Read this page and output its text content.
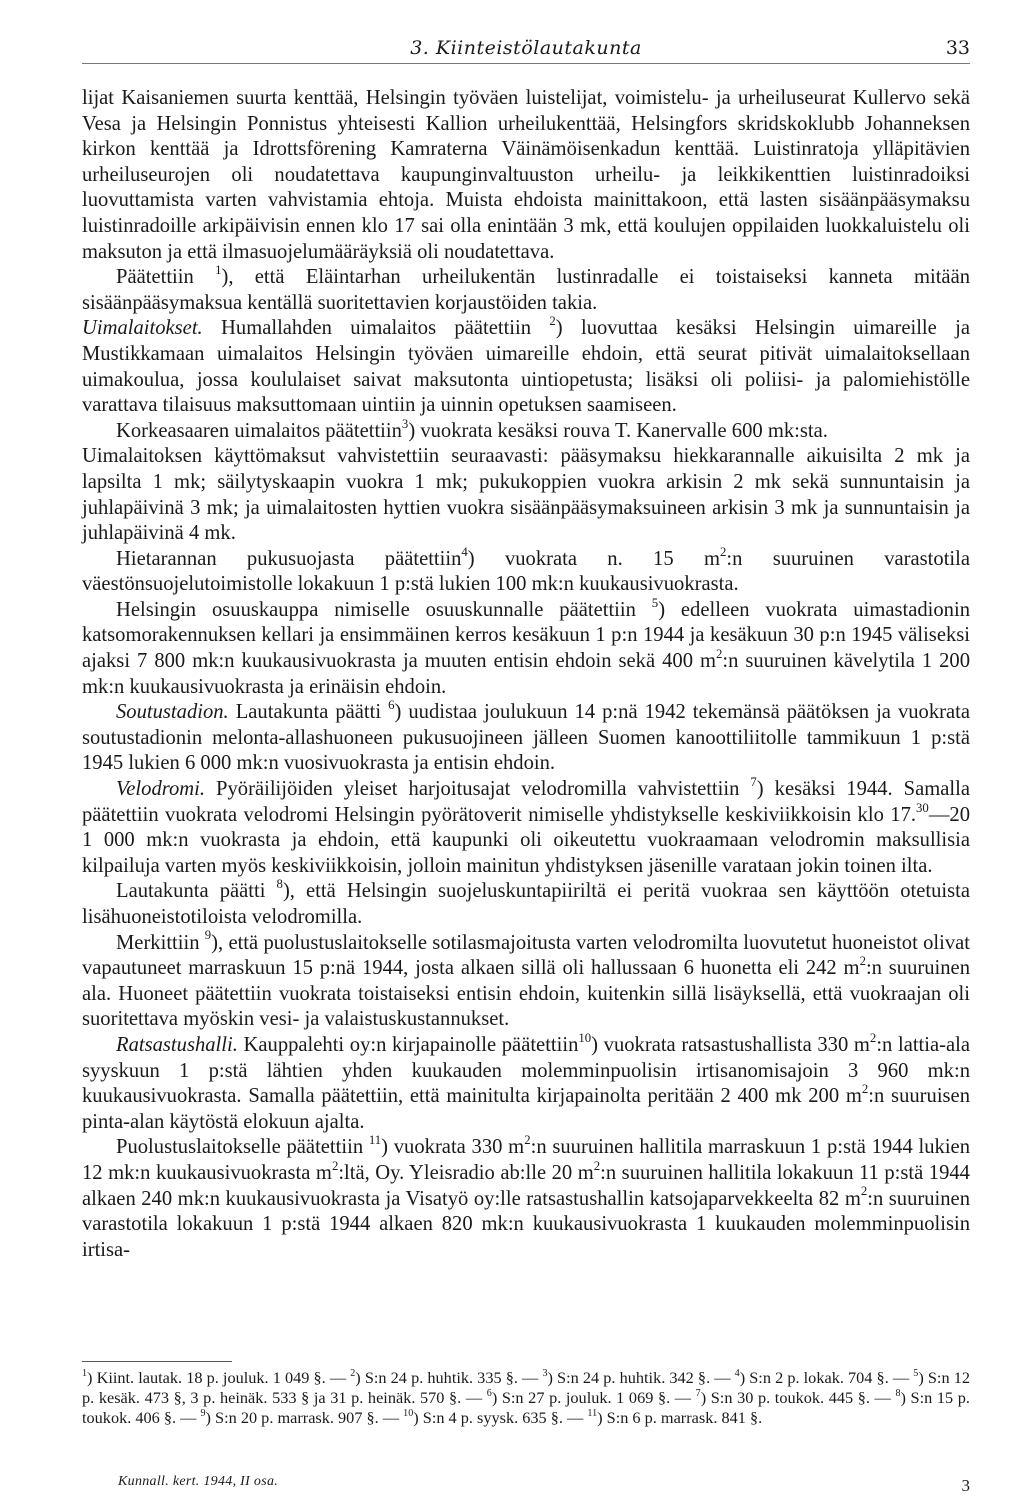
3. Kiinteistölautakunta	33

lijat Kaisaniemen suurta kenttää, Helsingin työväen luistelijat, voimistelu- ja urheiluseurat Kullervo sekä Vesa ja Helsingin Ponnistus yhteisesti Kallion urheilukenttää, Helsingfors skridskoklubb Johanneksen kirkon kenttää ja Idrottsförening Kamraterna Väinämöisenkadun kenttää. Luistinratoja ylläpitävien urheiluseurojen oli noudatettava kaupunginvaltuuston urheilu- ja leikkikenttien luistinradoiksi luovuttamista varten vahvistamia ehtoja. Muista ehdoista mainittakoon, että lasten sisäänpääsymaksu luistinradoille arkipäivisin ennen klo 17 sai olla enintään 3 mk, että koulujen oppilaiden luokkaluistelu oli maksuton ja että ilmasuojelumääräyksiä oli noudatettava.

Päätettiin $^1$), että Eläintarhan urheilukentän lustinradalle ei toistaiseksi kanneta mitään sisäänpääsymaksua kentällä suoritettavien korjaustöiden takia.

Uimalaitokset. Humallahden uimalaitos päätettiin $^2$) luovuttaa kesäksi Helsingin uimareille ja Mustikkamaan uimalaitos Helsingin työväen uimareille ehdoin, että seurat pitivät uimalaitoksellaan uimakoulua, jossa koululaiset saivat maksutonta uintiopetusta; lisäksi oli poliisi- ja palomiehistölle varattava tilaisuus maksuttomaan uintiin ja uinnin opetuksen saamiseen.

Korkeasaaren uimalaitos päätettiin$^3$) vuokrata kesäksi rouva T. Kanervalle 600 mk:sta.

Uimalaitoksen käyttömaksut vahvistettiin seuraavasti: pääsymaksu hiekkarannalle aikuisilta 2 mk ja lapsilta 1 mk; säilytyskaapin vuokra 1 mk; pukukoppien vuokra arkisin 2 mk sekä sunnuntaisin ja juhlapäivinä 3 mk; ja uimalaitosten hyttien vuokra sisäänpääsymaksuineen arkisin 3 mk ja sunnuntaisin ja juhlapäivinä 4 mk.

Hietarannan pukusuojasta päätettiin$^4$) vuokrata n. 15 $m^2:n$ suuruinen varastotila väestönsuojelutoimistolle lokakuun 1 p:stä lukien 100 mk:n kuukausivuokrasta.

Helsingin osuuskauppa nimiselle osuuskunnalle päätettiin $^5$) edelleen vuokrata uimastadionin katsomorakennuksen kellari ja ensimmäinen kerros kesäkuun 1 p:n 1944 ja kesäkuun 30 p:n 1945 väliseksi ajaksi 7 800 mk:n kuukausivuokrasta ja muuten entisin ehdoin sekä 400 $m^2:n$ suuruinen kävelytila 1 200 mk:n kuukausivuokrasta ja erinäisin ehdoin.

Soutustadion. Lautakunta päätti $^6$) uudistaa joulukuun 14 p:nä 1942 tekemänsä päätöksen ja vuokrata soutustadionin melonta-allashuoneen pukusuojineen jälleen Suomen kanoottiliitolle tammikuun 1 p:stä 1945 lukien 6 000 mk:n vuosivuokrasta ja entisin ehdoin.

Velodromi. Pyöräilijöiden yleiset harjoitusajat velodromilla vahvistettiin $^7$) kesäksi 1944. Samalla päätettiin vuokrata velodromi Helsingin pyörätoverit nimiselle yhdistykselle keskiviikkoisin klo 17.30—20 1 000 mk:n vuokrasta ja ehdoin, että kaupunki oli oikeutettu vuokraamaan velodromin maksullisia kilpailuja varten myös keskiviikkoisin, jolloin mainitun yhdistyksen jäsenille varataan jokin toinen ilta.

Lautakunta päätti $^8$), että Helsingin suojeluskuntapiiriltä ei peritä vuokraa sen käyttöön otetuista lisähuoneistotiloista velodromilla.

Merkittiin $^9$), että puolustuslaitokselle sotilasmajoitusta varten velodromilta luovutetut huoneistot olivat vapautuneet marraskuun 15 p:nä 1944, josta alkaen sillä oli hallussaan 6 huonetta eli 242 $m^2:n$ suuruinen ala. Huoneet päätettiin vuokrata toistaiseksi entisin ehdoin, kuitenkin sillä lisäyksellä, että vuokraajan oli suoritettava myöskin vesi- ja valaistuskustannukset.

Ratsastushalli. Kauppalehti oy:n kirjapainolle päätettiin$^{10}$) vuokrata ratsastushallista 330 $m^2:n$ lattia-ala syyskuun 1 p:stä lähtien yhden kuukauden molemminpuolisin irtisanomisajoin 3 960 mk:n kuukausivuokrasta. Samalla päätettiin, että mainitulta kirjapainolta peritään 2 400 mk 200 $m^2:n$ suuruisen pinta-alan käytöstä elokuun ajalta.

Puolustuslaitokselle päätettiin $^{11}$) vuokrata 330 $m^2:n$ suuruinen hallitila marraskuun 1 p:stä 1944 lukien 12 mk:n kuukausivuokrasta $m^2:ltä$, Oy. Yleisradio ab:lle 20 $m^2:n$ suuruinen hallitila lokakuun 11 p:stä 1944 alkaen 240 mk:n kuukausivuokrasta ja Visatyö oy:lle ratsastushallin katsojaparvekkeelta 82 $m^2:n$ suuruinen varastotila lokakuun 1 p:stä 1944 alkaen 820 mk:n kuukausivuokrasta 1 kuukauden molemminpuolisin irtisa-

$^1$) Kiint. lautak. 18 p. jouluk. 1 049 §. — $^2$) S:n 24 p. huhtik. 335 §. — $^3$) S:n 24 p. huhtik. 342 §. — $^4$) S:n 2 p. lokak. 704 §. — $^5$) S:n 12 p. kesäk. 473 §, 3 p. heinäk. 533 § ja 31 p. heinäk. 570 §. — $^6$) S:n 27 p. jouluk. 1 069 §. — $^7$) S:n 30 p. toukok. 445 §. — $^8$) S:n 15 p. toukok. 406 §. — $^9$) S:n 20 p. marrask. 907 §. — $^{10}$) S:n 4 p. syysk. 635 §. — $^{11}$) S:n 6 p. marrask. 841 §.
Kunnall. kert. 1944, II osa.	3
